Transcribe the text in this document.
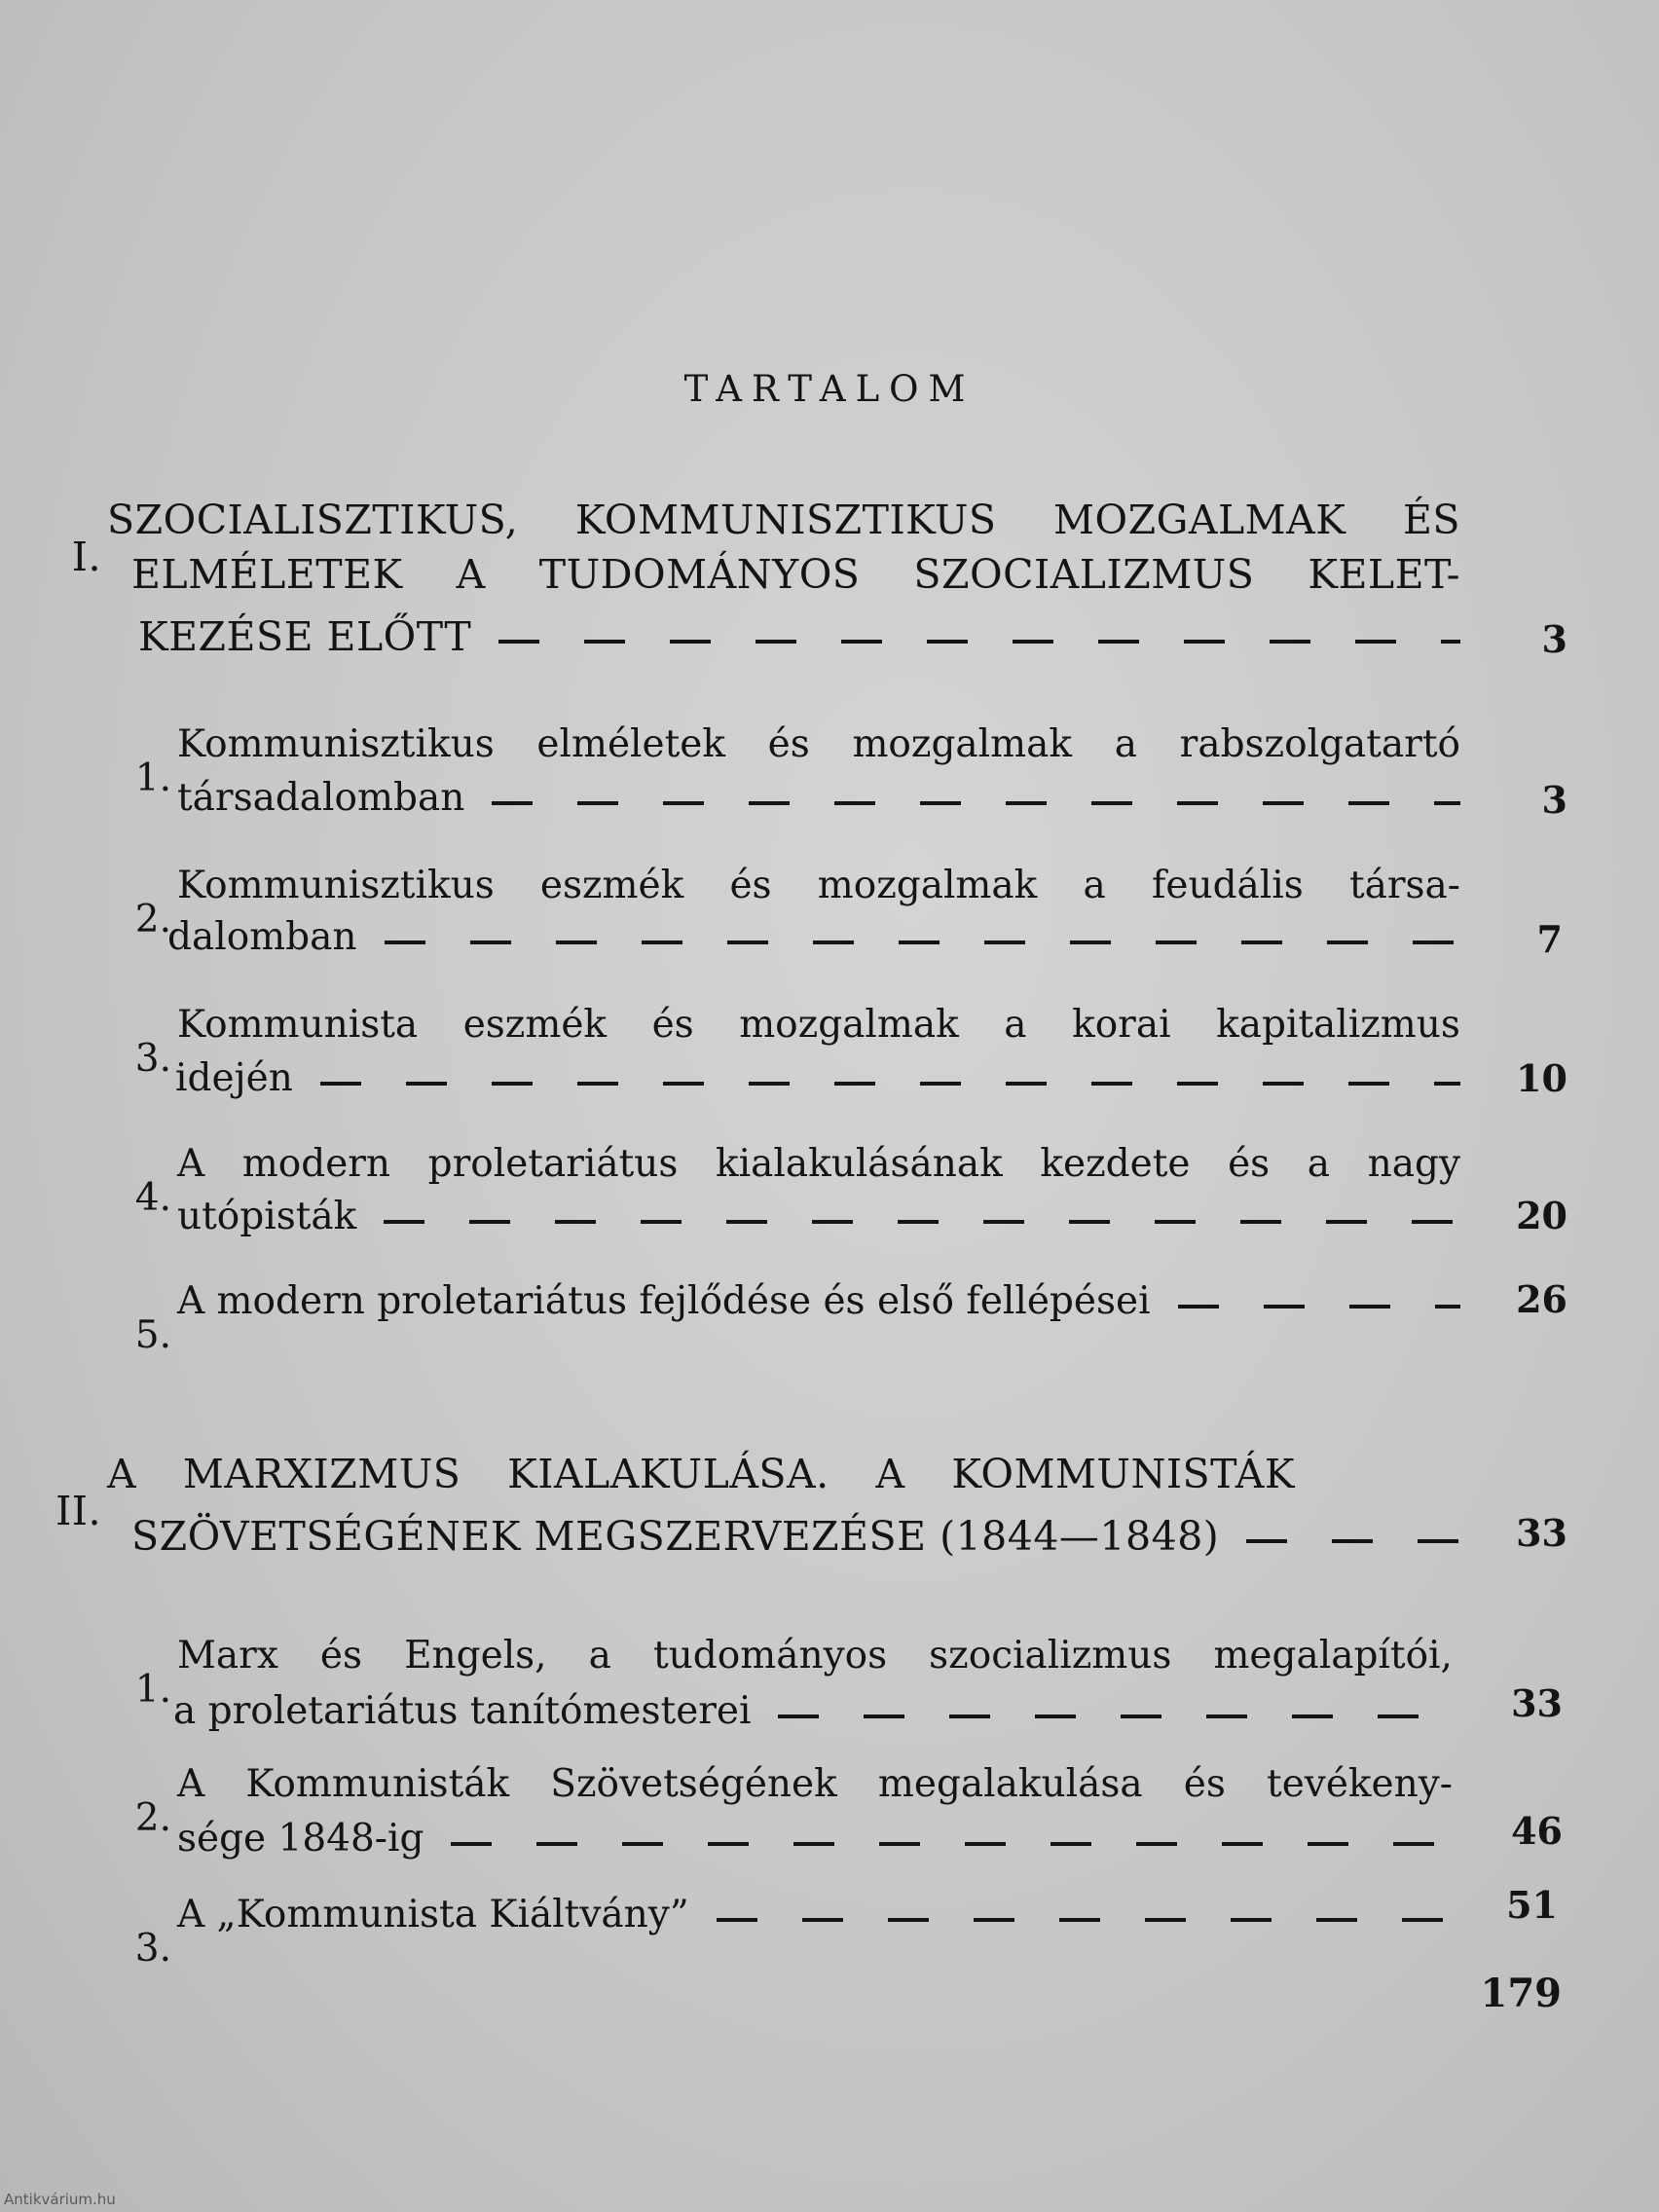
TARTALOM
I.
SZOCIALISZTIKUS, KOMMUNISZTIKUS MOZGALMAK ÉS
ELMÉLETEK A TUDOMÁNYOS SZOCIALIZMUS KELET-
KEZÉSE ELŐTT	3
1.
Kommunisztikus elméletek és mozgalmak a rabszolgatartó
társadalomban	3
2.
Kommunisztikus eszmék és mozgalmak a feudális társa-
dalomban	7
3.
Kommunista eszmék és mozgalmak a korai kapitalizmus
idején	10
4.
A modern proletariátus kialakulásának kezdete és a nagy
utópisták	20
5.
A modern proletariátus fejlődése és első fellépései	26
II.
A MARXIZMUS KIALAKULÁSA. A KOMMUNISTÁK
SZÖVETSÉGÉNEK MEGSZERVEZÉSE (1844—1848)	33
1.
Marx és Engels, a tudományos szocializmus megalapítói,
a proletariátus tanítómesterei	33
2.
A Kommunisták Szövetségének megalakulása és tevékeny-
sége 1848-ig	46
3.
A „Kommunista Kiáltvány”	51
179
Antikvárium.hu
